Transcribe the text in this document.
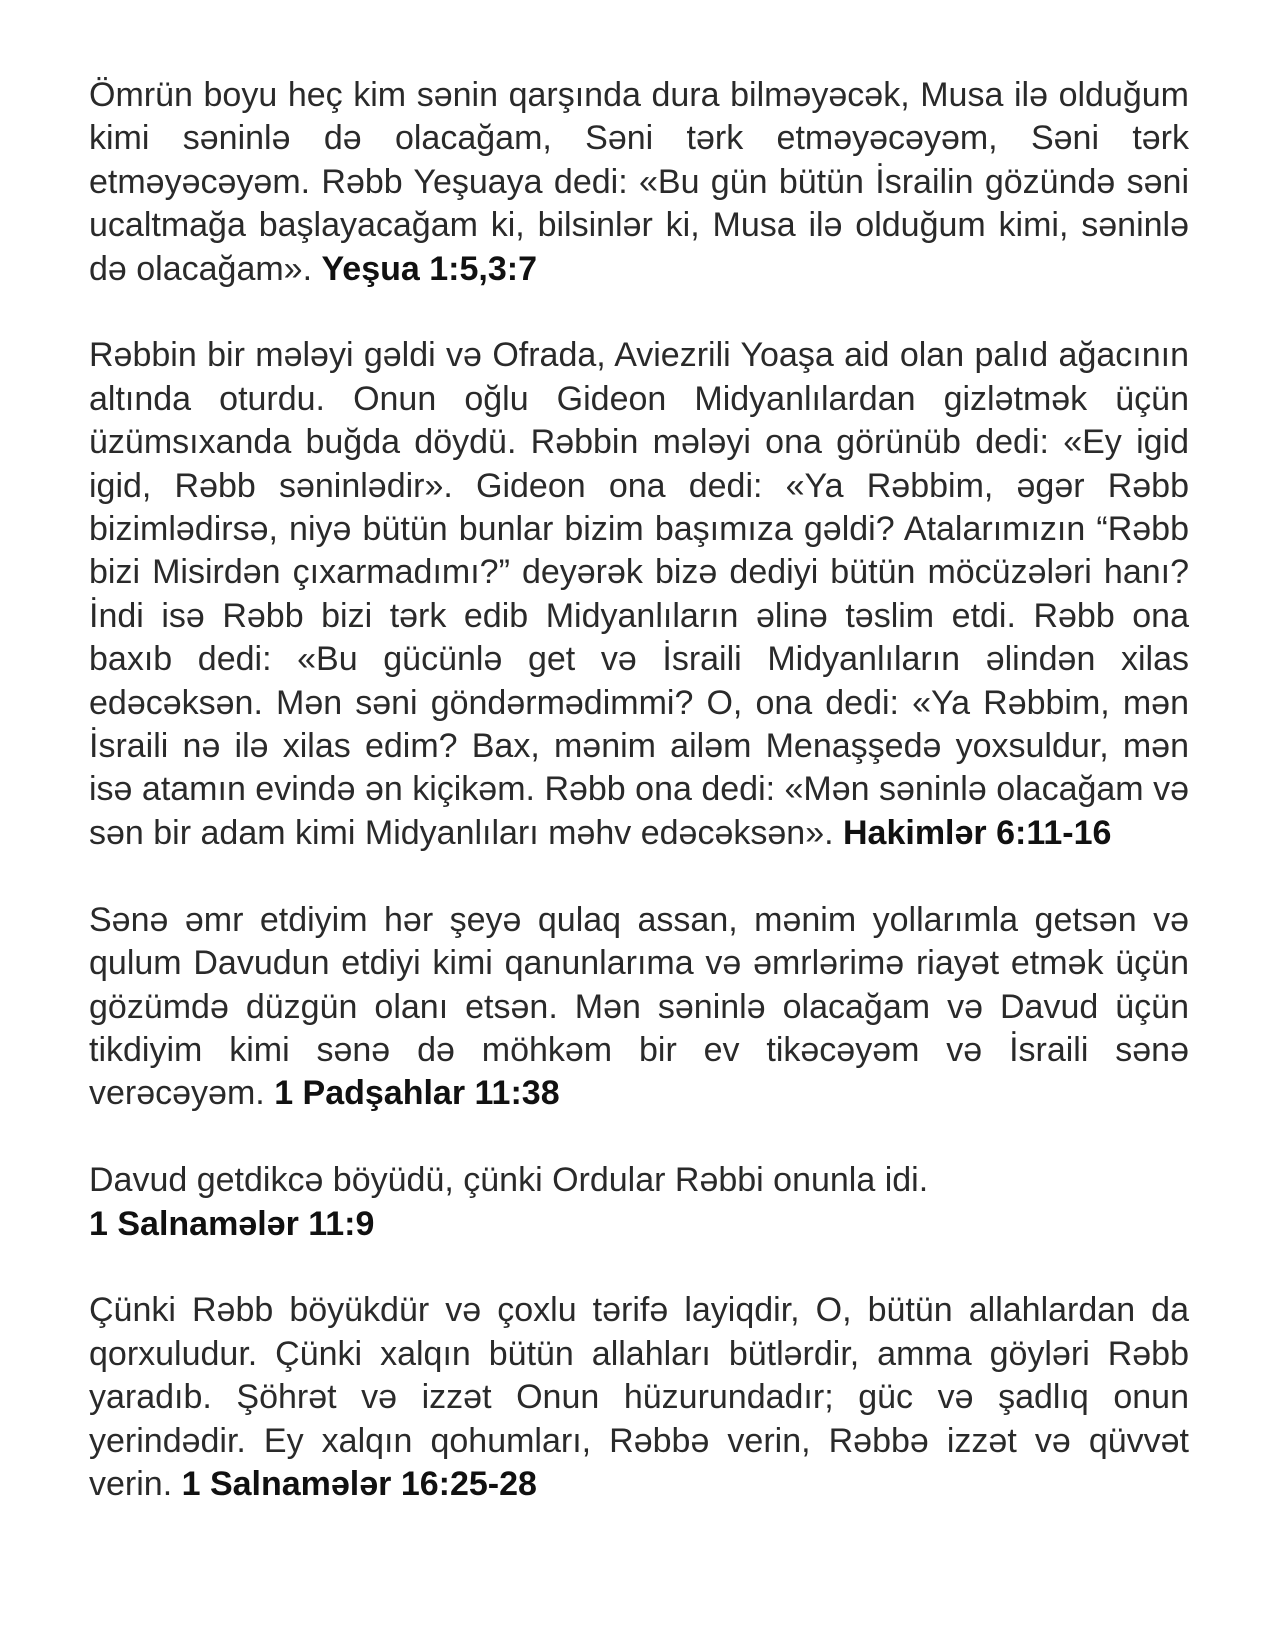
Ömrün boyu heç kim sənin qarşında dura bilməyəcək, Musa ilə olduğum kimi səninlə də olacağam, Səni tərk etməyəcəyəm, Səni tərk etməyəcəyəm. Rəbb Yeşuaya dedi: «Bu gün bütün İsrailin gözündə səni ucaltmağa başlayacağam ki, bilsinlər ki, Musa ilə olduğum kimi, səninlə də olacağam». Yeşua 1:5,3:7

Rəbbin bir mələyi gəldi və Ofrada, Aviezrili Yoaşa aid olan palıd ağacının altında oturdu. Onun oğlu Gideon Midyanlılardan gizlətmək üçün üzümsıxanda buğda döydü. Rəbbin mələyi ona görünüb dedi: «Ey igid igid, Rəbb səninlədir». Gideon ona dedi: «Ya Rəbbim, əgər Rəbb bizimlədirsə, niyə bütün bunlar bizim başımıza gəldi? Atalarımızın “Rəbb bizi Misirdən çıxarmadımı?” deyərək bizə dediyi bütün möcüzələri hanı? İndi isə Rəbb bizi tərk edib Midyanlıların əlinə təslim etdi. Rəbb ona baxıb dedi: «Bu gücünlə get və İsraili Midyanlıların əlindən xilas edəcəksən. Mən səni göndərmədimmi? O, ona dedi: «Ya Rəbbim, mən İsraili nə ilə xilas edim? Bax, mənim ailəm Menaşşedə yoxsuldur, mən isə atamın evində ən kiçikəm. Rəbb ona dedi: «Mən səninlə olacağam və sən bir adam kimi Midyanlıları məhv edəcəksən». Hakimlər 6:11-16

Sənə əmr etdiyim hər şeyə qulaq assan, mənim yollarımla getsən və qulum Davudun etdiyi kimi qanunlarıma və əmrlərimə riayət etmək üçün gözümdə düzgün olanı etsən. Mən səninlə olacağam və Davud üçün tikdiyim kimi sənə də möhkəm bir ev tikəcəyəm və İsraili sənə verəcəyəm. 1 Padşahlar 11:38

Davud getdikcə böyüdü, çünki Ordular Rəbbi onunla idi.
1 Salnamələr 11:9

Çünki Rəbb böyükdür və çoxlu tərifə layiqdir, O, bütün allahlardan da qorxuludur. Çünki xalqın bütün allahları bütlərdir, amma göyləri Rəbb yaradıb. Şöhrət və izzət Onun hüzurundadır; güc və şadlıq onun yerindədir. Ey xalqın qohumları, Rəbbə verin, Rəbbə izzət və qüvvət verin. 1 Salnamələr 16:25-28
